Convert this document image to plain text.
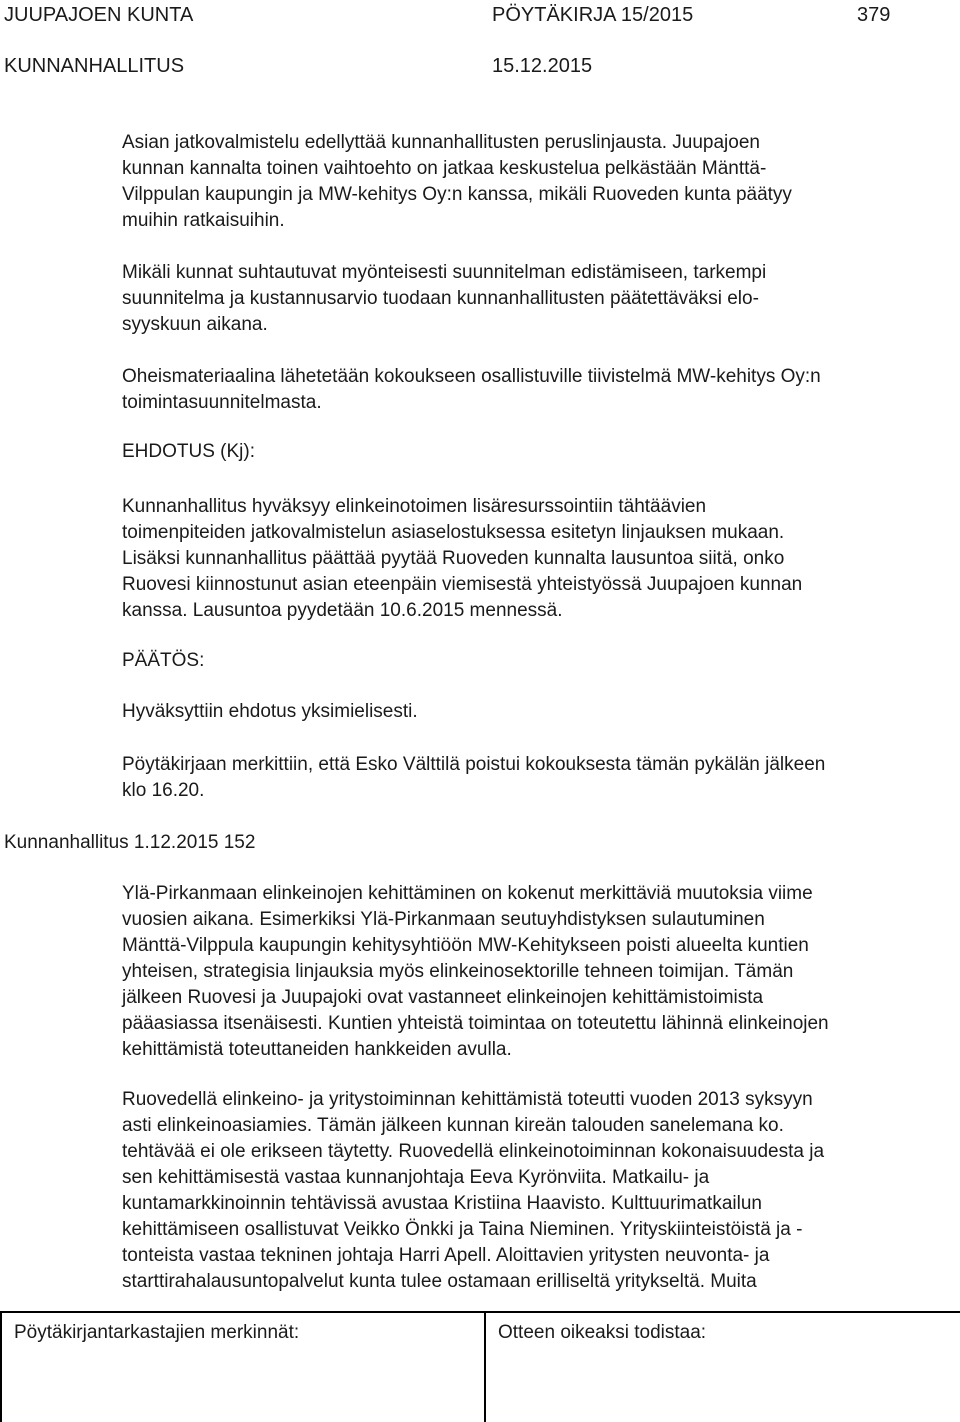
JUUPAJOEN KUNTA	PÖYTÄKIRJA 15/2015	379
KUNNANHALLITUS	15.12.2015
Asian jatkovalmistelu edellyttää kunnanhallitusten peruslinjausta. Juupajoen
kunnan kannalta toinen vaihtoehto on jatkaa keskustelua pelkästään Mänttä-
Vilppulan kaupungin ja MW-kehitys Oy:n kanssa, mikäli Ruoveden kunta päätyy
muihin ratkaisuihin.
Mikäli kunnat suhtautuvat myönteisesti suunnitelman edistämiseen, tarkempi
suunnitelma ja kustannusarvio tuodaan kunnanhallitusten päätettäväksi elo-
syyskuun aikana.
Oheismateriaalina lähetetään kokoukseen osallistuville tiivistelmä MW-kehitys Oy:n
toimintasuunnitelmasta.
EHDOTUS (Kj):
Kunnanhallitus hyväksyy elinkeinotoimen lisäresurssointiin tähtäävien
toimenpiteiden jatkovalmistelun asiaselostuksessa esitetyn linjauksen mukaan.
Lisäksi kunnanhallitus päättää pyytää Ruoveden kunnalta lausuntoa siitä, onko
Ruovesi kiinnostunut asian eteenpäin viemisestä yhteistyössä Juupajoen kunnan
kanssa. Lausuntoa pyydetään 10.6.2015 mennessä.
PÄÄTÖS:
Hyväksyttiin ehdotus yksimielisesti.
Pöytäkirjaan merkittiin, että Esko Välttilä poistui kokouksesta tämän pykälän jälkeen
klo 16.20.
Kunnanhallitus 1.12.2015 152
Ylä-Pirkanmaan elinkeinojen kehittäminen on kokenut merkittäviä muutoksia viime
vuosien aikana. Esimerkiksi Ylä-Pirkanmaan seutuyhdistyksen sulautuminen
Mänttä-Vilppula kaupungin kehitysyhtiöön MW-Kehitykseen poisti alueelta kuntien
yhteisen, strategisia linjauksia myös elinkeinosektorille tehneen toimijan. Tämän
jälkeen Ruovesi ja Juupajoki ovat vastanneet elinkeinojen kehittämistoimista
pääasiassa itsenäisesti. Kuntien yhteistä toimintaa on toteutettu lähinnä elinkeinojen
kehittämistä toteuttaneiden hankkeiden avulla.
Ruovedellä elinkeino- ja yritystoiminnan kehittämistä toteutti vuoden 2013 syksyyn
asti elinkeinoasiamies. Tämän jälkeen kunnan kireän talouden sanelemana ko.
tehtävää ei ole erikseen täytetty. Ruovedellä elinkeinotoiminnan kokonaisuudesta ja
sen kehittämisestä vastaa kunnanjohtaja Eeva Kyrönviita. Matkailu- ja
kuntamarkkinoinnin tehtävissä avustaa Kristiina Haavisto. Kulttuurimatkailun
kehittämiseen osallistuvat Veikko Önkki ja Taina Nieminen. Yrityskiinteistöistä ja -
tonteista vastaa tekninen johtaja Harri Apell. Aloittavien yritysten neuvonta- ja
starttirahalausuntopalvelut kunta tulee ostamaan erilliseltä yritykseltä. Muita
Pöytäkirjantarkastajien merkinnät:	Otteen oikeaksi todistaa:
